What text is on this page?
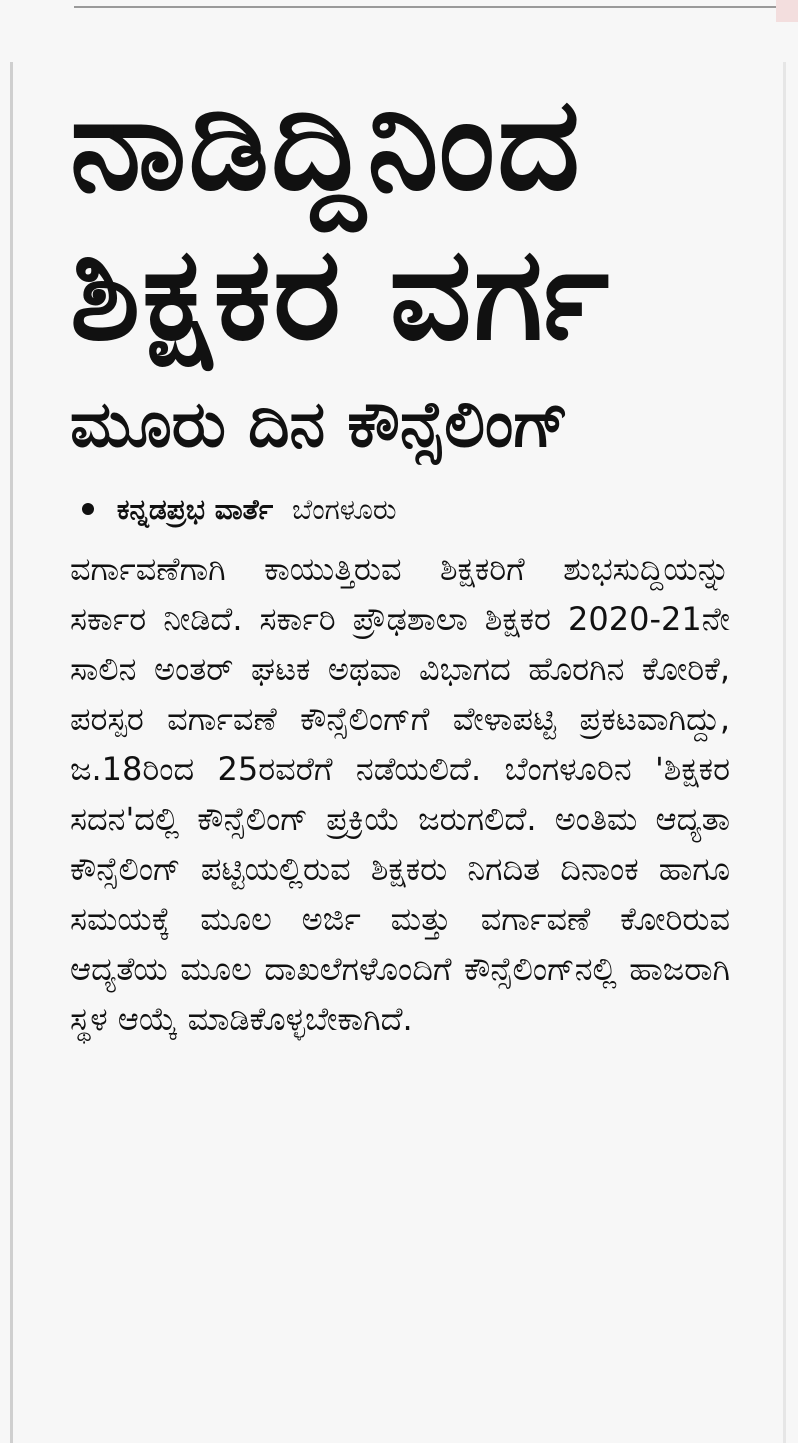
ನಾಡಿದ್ದಿನಿಂದ
ಶಿಕ್ಷಕರ ವರ್ಗ
ಮೂರು ದಿನ ಕೌನ್ಸೆಲಿಂಗ್
ಕನ್ನಡಪ್ರಭ ವಾರ್ತೆ ಬೆಂಗಳೂರು

ವರ್ಗಾವಣೆಗಾಗಿ ಕಾಯುತ್ತಿರುವ ಶಿಕ್ಷಕರಿಗೆ ಶುಭಸುದ್ದಿಯನ್ನು ಸರ್ಕಾರ ನೀಡಿದೆ. ಸರ್ಕಾರಿ ಪ್ರೌಢಶಾಲಾ ಶಿಕ್ಷಕರ 2020-21ನೇ ಸಾಲಿನ ಅಂತರ್ ಘಟಕ ಅಥವಾ ವಿಭಾಗದ ಹೊರಗಿನ ಕೋರಿಕೆ, ಪರಸ್ಪರ ವರ್ಗಾವಣೆ ಕೌನ್ಸೆಲಿಂಗ್‌ಗೆ ವೇಳಾಪಟ್ಟಿ ಪ್ರಕಟವಾಗಿದ್ದು, ಜ.18ರಿಂದ 25ರವರೆಗೆ ನಡೆಯಲಿದೆ. ಬೆಂಗಳೂರಿನ 'ಶಿಕ್ಷಕರ ಸದನ'ದಲ್ಲಿ ಕೌನ್ಸೆಲಿಂಗ್ ಪ್ರಕ್ರಿಯೆ ಜರುಗಲಿದೆ. ಅಂತಿಮ ಆದ್ಯತಾ ಕೌನ್ಸೆಲಿಂಗ್ ಪಟ್ಟಿಯಲ್ಲಿರುವ ಶಿಕ್ಷಕರು ನಿಗದಿತ ದಿನಾಂಕ ಹಾಗೂ ಸಮಯಕ್ಕೆ ಮೂಲ ಅರ್ಜಿ ಮತ್ತು ವರ್ಗಾವಣೆ ಕೋರಿರುವ ಆದ್ಯತೆಯ ಮೂಲ ದಾಖಲೆಗಳೊಂದಿಗೆ ಕೌನ್ಸೆಲಿಂಗ್‌ನಲ್ಲಿ ಹಾಜರಾಗಿ ಸ್ಥಳ ಆಯ್ಕೆ ಮಾಡಿಕೊಳ್ಳಬೇಕಾಗಿದೆ.
